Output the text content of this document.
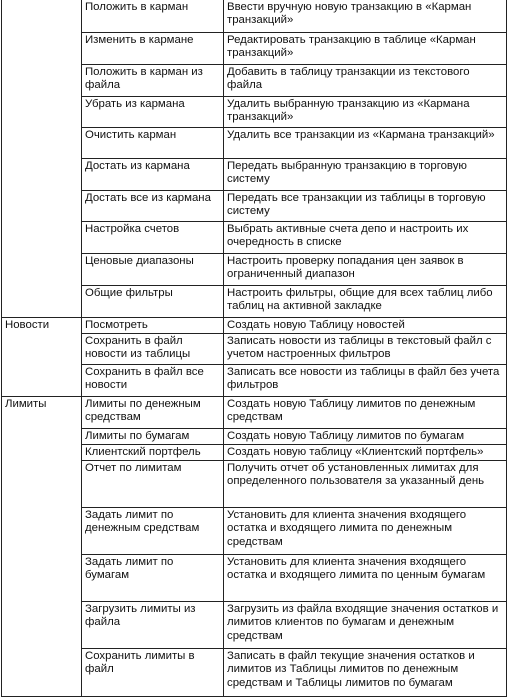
	Положить в карман	Ввести вручную новую транзакцию в «Карман транзакций»
	Изменить в кармане	Редактировать транзакцию в таблице «Карман транзакций»
	Положить в карман из файла	Добавить в таблицу транзакции из текстового файла
	Убрать из кармана	Удалить выбранную транзакцию из «Кармана транзакций»
	Очистить карман	Удалить все транзакции из «Кармана транзакций»
	Достать из кармана	Передать выбранную транзакцию в торговую систему
	Достать все из кармана	Передать все транзакции из таблицы в торговую систему
	Настройка счетов	Выбрать активные счета депо и настроить их очередность в списке
	Ценовые диапазоны	Настроить проверку попадания цен заявок в ограниченный диапазон
	Общие фильтры	Настроить фильтры, общие для всех таблиц либо таблиц на активной закладке
Новости	Посмотреть	Создать новую Таблицу новостей
	Сохранить в файл новости из таблицы	Записать новости из таблицы в текстовый файл с учетом настроенных фильтров
	Сохранить в файл все новости	Записать все новости из таблицы в файл без учета фильтров
Лимиты	Лимиты по денежным средствам	Создать новую Таблицу лимитов по денежным средствам
	Лимиты по бумагам	Создать новую Таблицу лимитов по бумагам
	Клиентский портфель	Создать новую таблицу «Клиентский портфель»
	Отчет по лимитам	Получить отчет об установленных лимитах для определенного пользователя за указанный день
	Задать лимит по денежным средствам	Установить для клиента значения входящего остатка и входящего лимита по денежным средствам
	Задать лимит по бумагам	Установить для клиента значения входящего остатка и входящего лимита по ценным бумагам
	Загрузить лимиты из файла	Загрузить из файла входящие значения остатков и лимитов клиентов по бумагам и денежным средствам
	Сохранить лимиты в файл	Записать в файл текущие значения остатков и лимитов из Таблицы лимитов по денежным средствам и Таблицы лимитов по бумагам
